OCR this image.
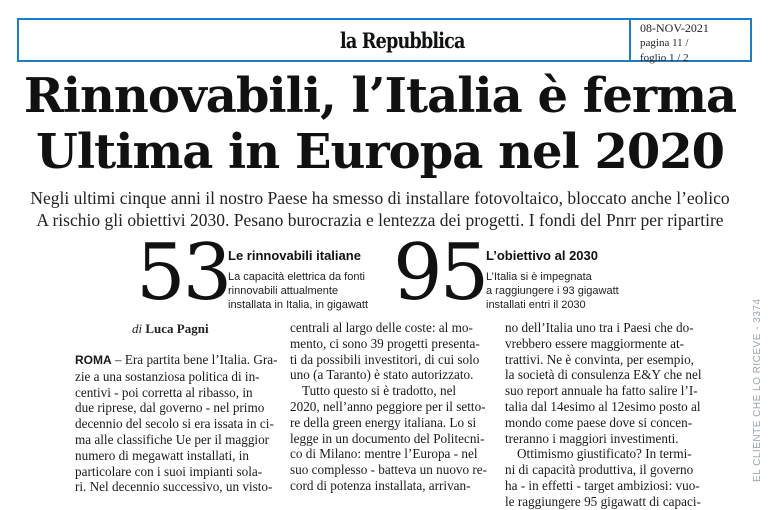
la Repubblica	08-NOV-2021
pagina 11 /
foglio 1 / 2
Rinnovabili, l’Italia è ferma
Ultima in Europa nel 2020
Negli ultimi cinque anni il nostro Paese ha smesso di installare fotovoltaico, bloccato anche l’eolico
A rischio gli obiettivi 2030. Pesano burocrazia e lentezza dei progetti. I fondi del Pnrr per ripartire
53
Le rinnovabili italiane
La capacità elettrica da fonti
rinnovabili attualmente
installata in Italia, in gigawatt 95 L’obiettivo al 2030
L’Italia si è impegnata
a raggiungere i 93 gigawatt
installati entri il 2030
di Luca Pagni
ROMA – Era partita bene l’Italia. Gra-
zie a una sostanziosa politica di in-
centivi - poi corretta al ribasso, in
due riprese, dal governo - nel primo
decennio del secolo si era issata in ci-
ma alle classifiche Ue per il maggior
numero di megawatt installati, in
particolare con i suoi impianti sola-
ri. Nel decennio successivo, un visto-
centrali al largo delle coste: al mo-
mento, ci sono 39 progetti presenta-
ti da possibili investitori, di cui solo
uno (a Taranto) è stato autorizzato.
Tutto questo si è tradotto, nel
2020, nell’anno peggiore per il setto-
re della green energy italiana. Lo si
legge in un documento del Politecni-
co di Milano: mentre l’Europa - nel
suo complesso - batteva un nuovo re-
cord di potenza installata, arrivan-
no dell’Italia uno tra i Paesi che do-
vrebbero essere maggiormente at-
trattivi. Ne è convinta, per esempio,
la società di consulenza E&Y che nel
suo report annuale ha fatto salire l’I-
talia dal 14esimo al 12esimo posto al
mondo come paese dove si concen-
treranno i maggiori investimenti.
Ottimismo giustificato? In termi-
ni di capacità produttiva, il governo
ha - in effetti - target ambiziosi: vuo-
le raggiungere 95 gigawatt di capaci-
EL CLIENTE CHE LO RICEVE - 3374
